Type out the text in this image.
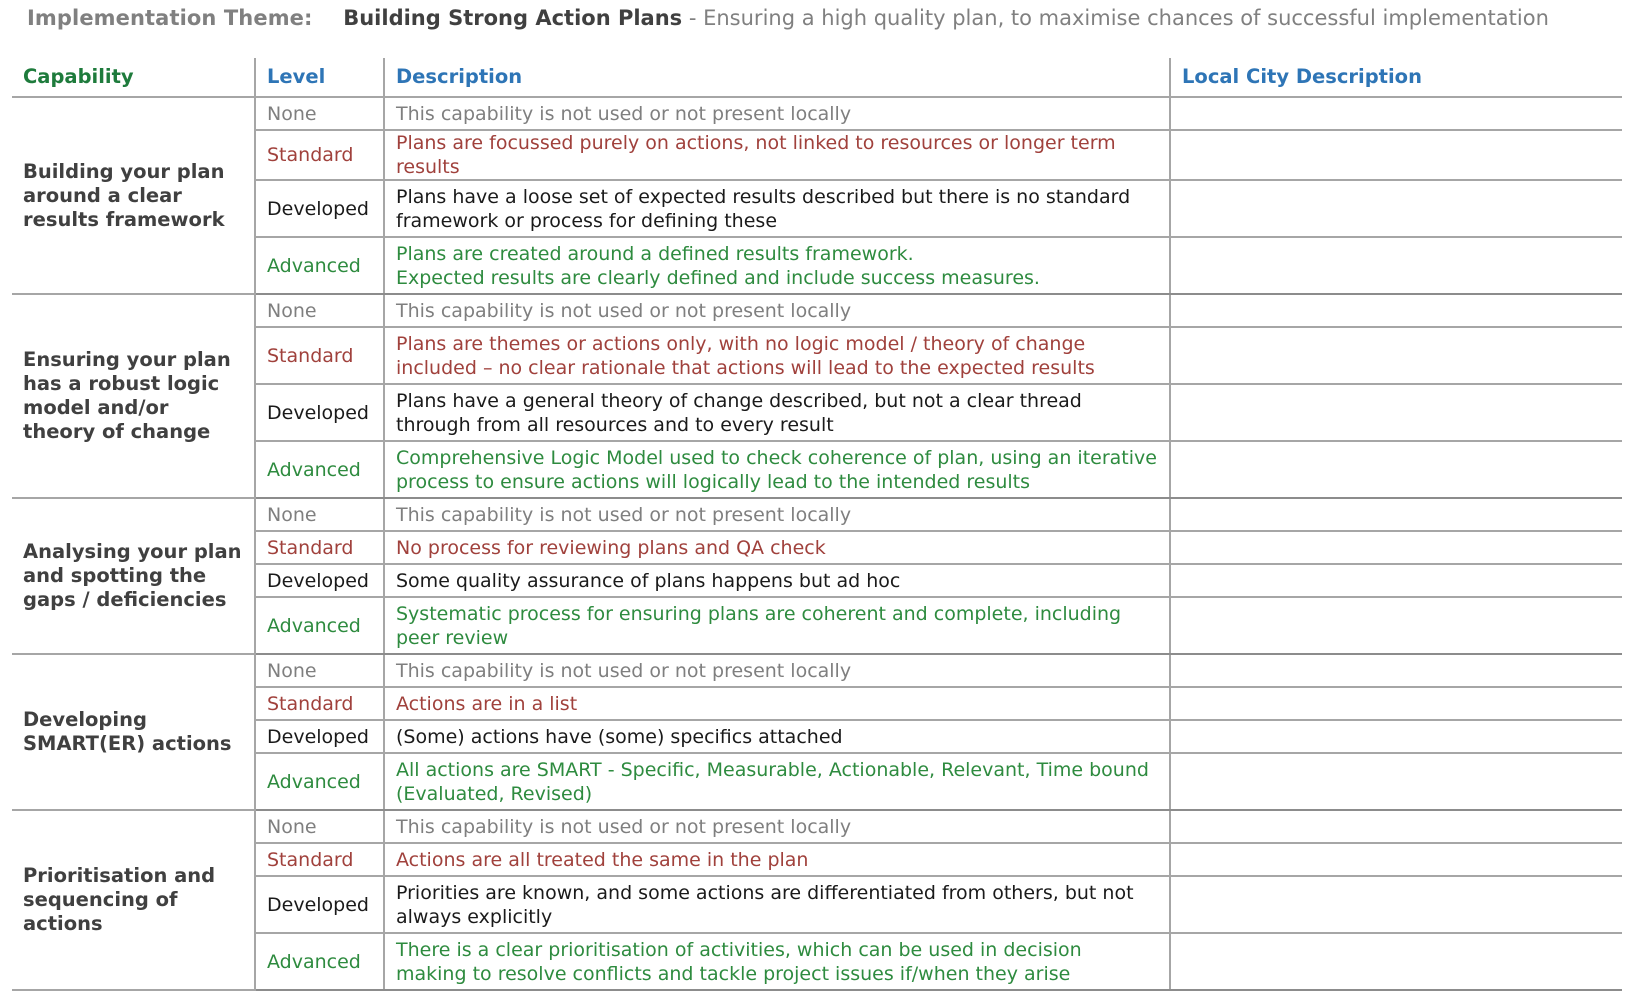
Implementation Theme: Building Strong Action Plans - Ensuring a high quality plan, to maximise chances of successful implementation
Capability	Level	Description	Local City Description
Building your plan around a clear results framework	None	This capability is not used or not present locally	
	Standard	Plans are focussed purely on actions, not linked to resources or longer term results	
	Developed	Plans have a loose set of expected results described but there is no standard framework or process for defining these	
	Advanced	Plans are created around a defined results framework.
Expected results are clearly defined and include success measures.	
Ensuring your plan has a robust logic model and/or theory of change	None	This capability is not used or not present locally	
	Standard	Plans are themes or actions only, with no logic model / theory of change included – no clear rationale that actions will lead to the expected results	
	Developed	Plans have a general theory of change described, but not a clear thread through from all resources and to every result	
	Advanced	Comprehensive Logic Model used to check coherence of plan, using an iterative process to ensure actions will logically lead to the intended results	
Analysing your plan and spotting the gaps / deficiencies	None	This capability is not used or not present locally	
	Standard	No process for reviewing plans and QA check	
	Developed	Some quality assurance of plans happens but ad hoc	
	Advanced	Systematic process for ensuring plans are coherent and complete, including peer review	
Developing SMART(ER) actions	None	This capability is not used or not present locally	
	Standard	Actions are in a list	
	Developed	(Some) actions have (some) specifics attached	
	Advanced	All actions are SMART - Specific, Measurable, Actionable, Relevant, Time bound (Evaluated, Revised)	
Prioritisation and sequencing of actions	None	This capability is not used or not present locally	
	Standard	Actions are all treated the same in the plan	
	Developed	Priorities are known, and some actions are differentiated from others, but not always explicitly	
	Advanced	There is a clear prioritisation of activities, which can be used in decision making to resolve conflicts and tackle project issues if/when they arise	
